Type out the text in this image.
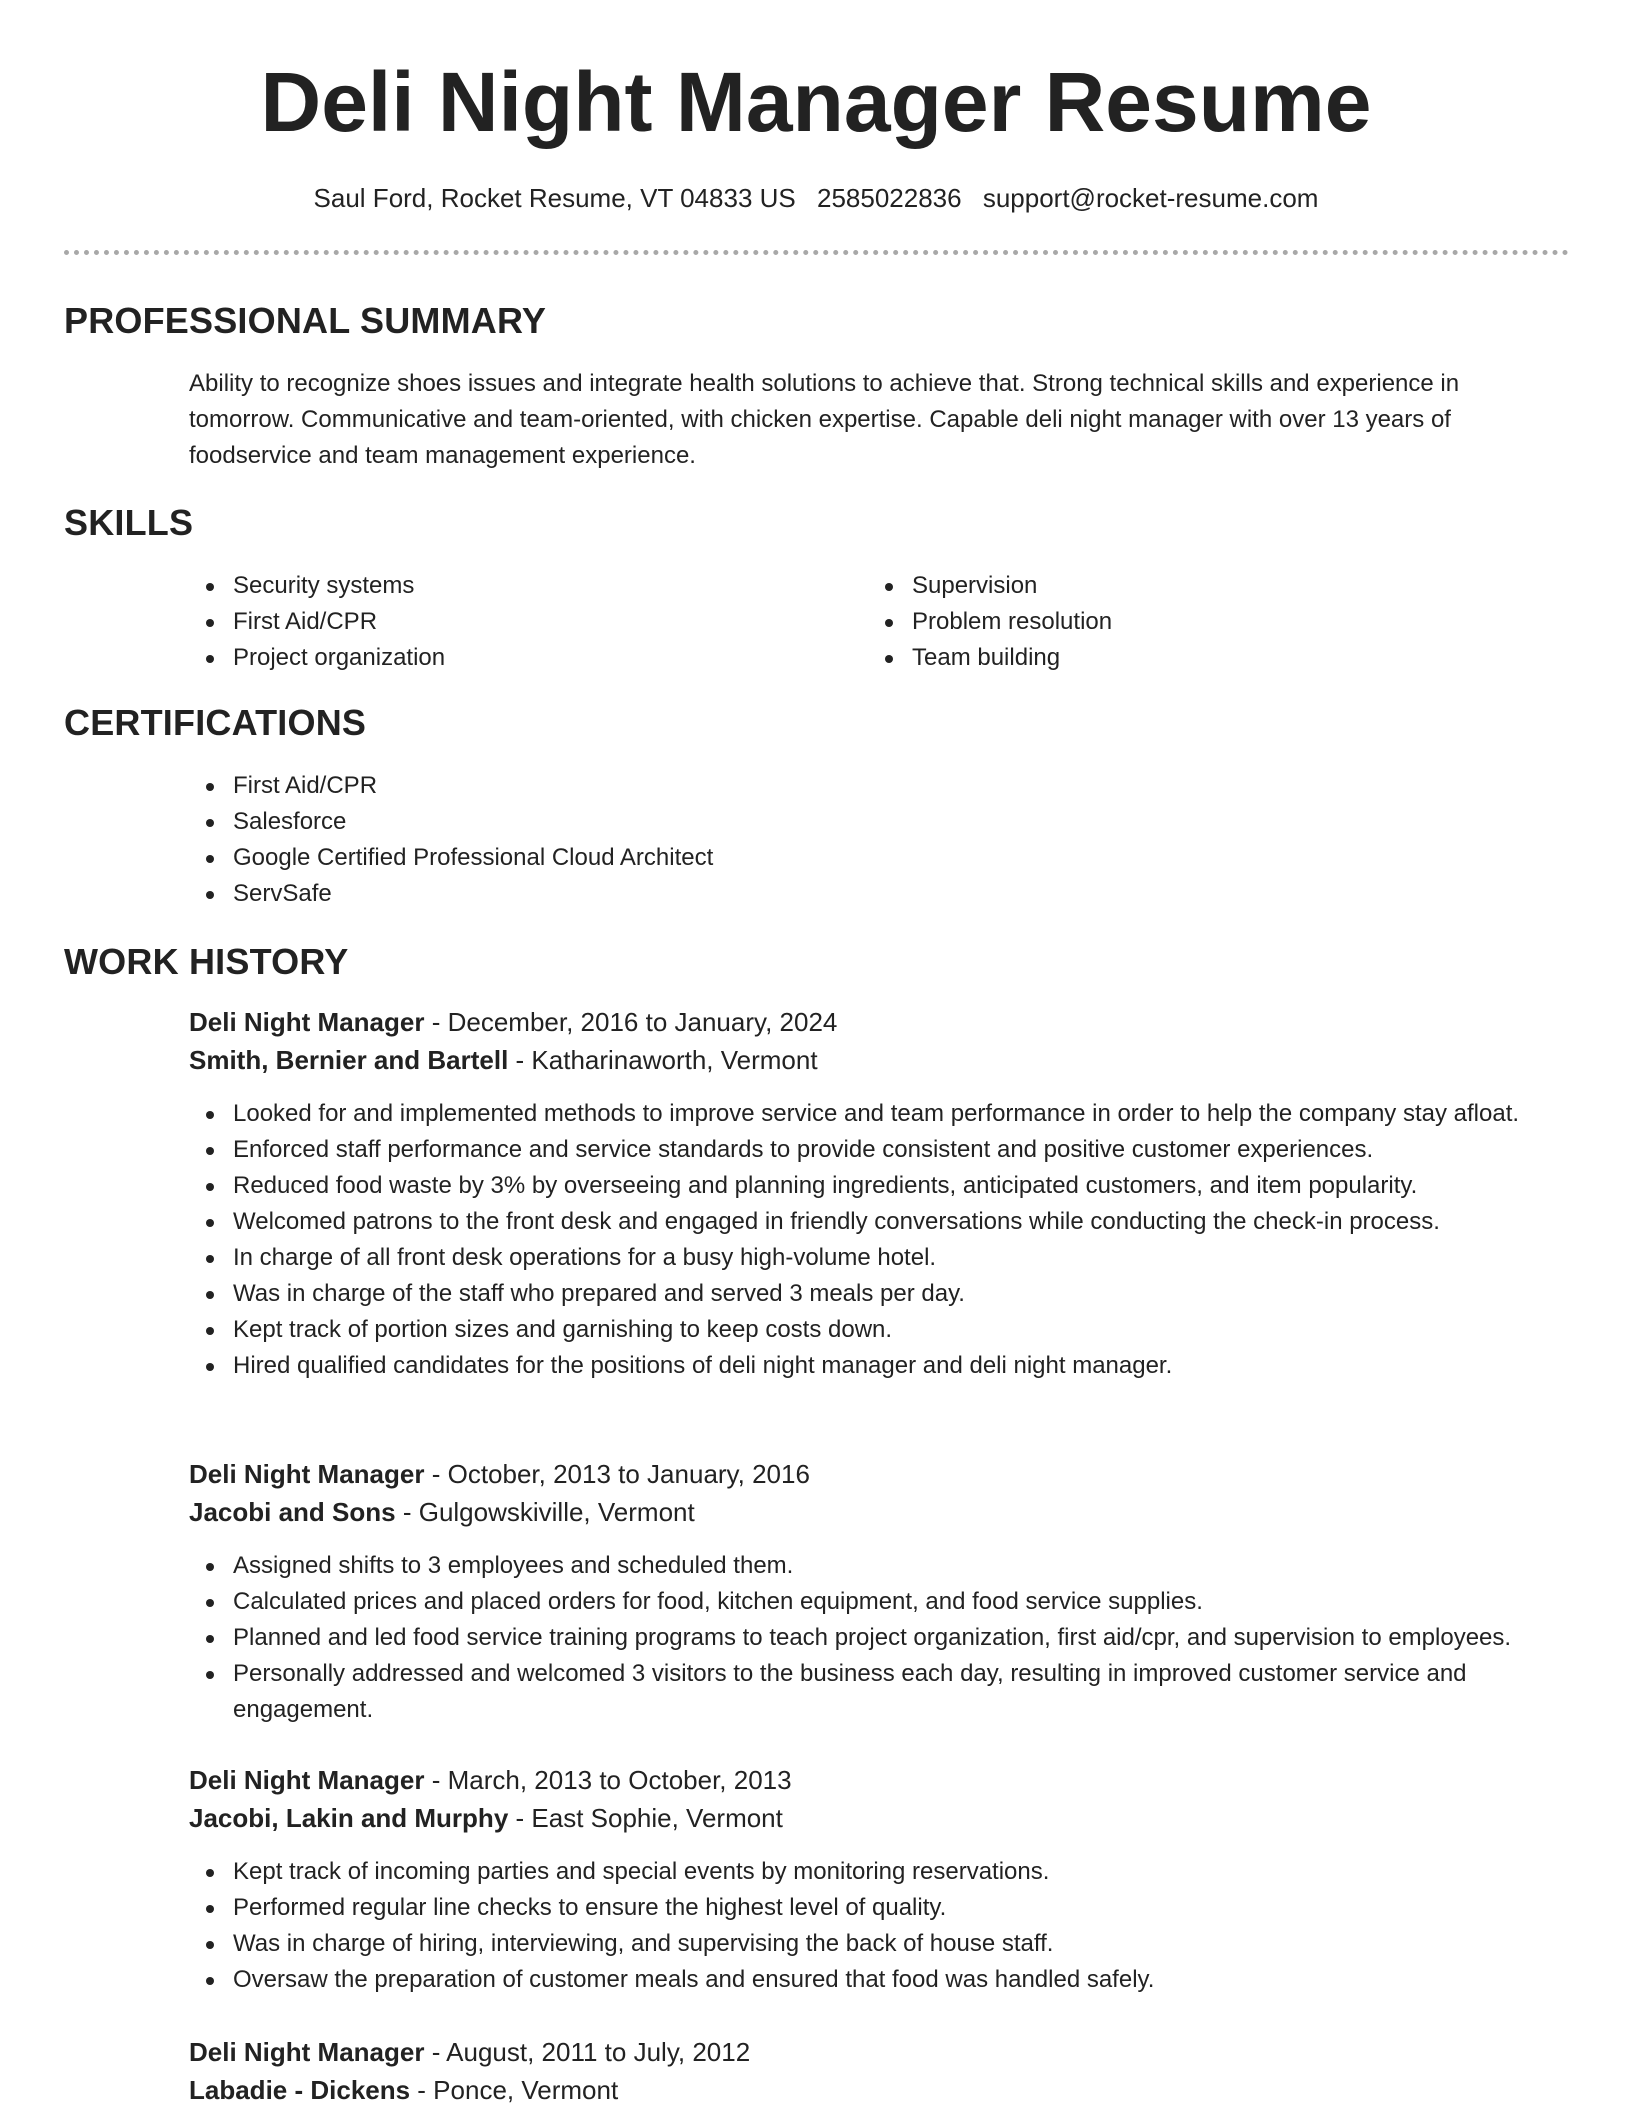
Deli Night Manager Resume
Saul Ford, Rocket Resume, VT 04833 US 2585022836 support@rocket-resume.com
PROFESSIONAL SUMMARY
Ability to recognize shoes issues and integrate health solutions to achieve that. Strong technical skills and experience in tomorrow. Communicative and team-oriented, with chicken expertise. Capable deli night manager with over 13 years of foodservice and team management experience.
SKILLS
Security systems
First Aid/CPR
Project organization
Supervision
Problem resolution
Team building
CERTIFICATIONS
First Aid/CPR
Salesforce
Google Certified Professional Cloud Architect
ServSafe
WORK HISTORY
Deli Night Manager - December, 2016 to January, 2024
Smith, Bernier and Bartell - Katharinaworth, Vermont
Looked for and implemented methods to improve service and team performance in order to help the company stay afloat.
Enforced staff performance and service standards to provide consistent and positive customer experiences.
Reduced food waste by 3% by overseeing and planning ingredients, anticipated customers, and item popularity.
Welcomed patrons to the front desk and engaged in friendly conversations while conducting the check-in process.
In charge of all front desk operations for a busy high-volume hotel.
Was in charge of the staff who prepared and served 3 meals per day.
Kept track of portion sizes and garnishing to keep costs down.
Hired qualified candidates for the positions of deli night manager and deli night manager.
Deli Night Manager - October, 2013 to January, 2016
Jacobi and Sons - Gulgowskiville, Vermont
Assigned shifts to 3 employees and scheduled them.
Calculated prices and placed orders for food, kitchen equipment, and food service supplies.
Planned and led food service training programs to teach project organization, first aid/cpr, and supervision to employees.
Personally addressed and welcomed 3 visitors to the business each day, resulting in improved customer service and engagement.
Deli Night Manager - March, 2013 to October, 2013
Jacobi, Lakin and Murphy - East Sophie, Vermont
Kept track of incoming parties and special events by monitoring reservations.
Performed regular line checks to ensure the highest level of quality.
Was in charge of hiring, interviewing, and supervising the back of house staff.
Oversaw the preparation of customer meals and ensured that food was handled safely.
Deli Night Manager - August, 2011 to July, 2012
Labadie - Dickens - Ponce, Vermont
